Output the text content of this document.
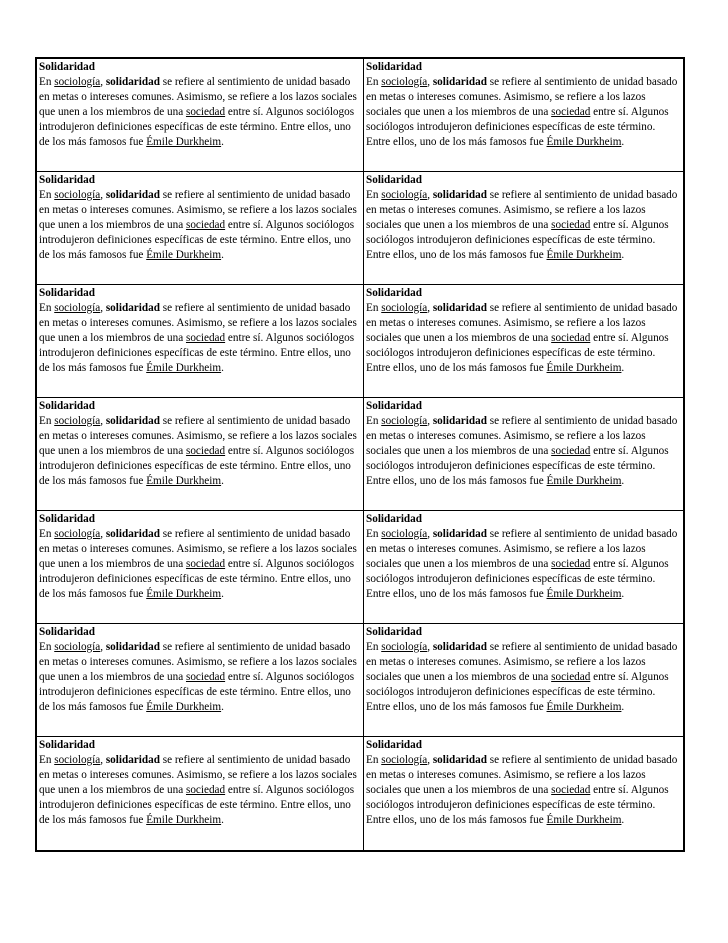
Solidaridad
En sociología, solidaridad se refiere al sentimiento de unidad basado en metas o intereses comunes. Asimismo, se refiere a los lazos sociales que unen a los miembros de una sociedad entre sí. Algunos sociólogos introdujeron definiciones específicas de este término. Entre ellos, uno de los más famosos fue Émile Durkheim.
Solidaridad
En sociología, solidaridad se refiere al sentimiento de unidad basado en metas o intereses comunes. Asimismo, se refiere a los lazos sociales que unen a los miembros de una sociedad entre sí. Algunos sociólogos introdujeron definiciones específicas de este término. Entre ellos, uno de los más famosos fue Émile Durkheim.
Solidaridad
En sociología, solidaridad se refiere al sentimiento de unidad basado en metas o intereses comunes. Asimismo, se refiere a los lazos sociales que unen a los miembros de una sociedad entre sí. Algunos sociólogos introdujeron definiciones específicas de este término. Entre ellos, uno de los más famosos fue Émile Durkheim.
Solidaridad
En sociología, solidaridad se refiere al sentimiento de unidad basado en metas o intereses comunes. Asimismo, se refiere a los lazos sociales que unen a los miembros de una sociedad entre sí. Algunos sociólogos introdujeron definiciones específicas de este término. Entre ellos, uno de los más famosos fue Émile Durkheim.
Solidaridad
En sociología, solidaridad se refiere al sentimiento de unidad basado en metas o intereses comunes. Asimismo, se refiere a los lazos sociales que unen a los miembros de una sociedad entre sí. Algunos sociólogos introdujeron definiciones específicas de este término. Entre ellos, uno de los más famosos fue Émile Durkheim.
Solidaridad
En sociología, solidaridad se refiere al sentimiento de unidad basado en metas o intereses comunes. Asimismo, se refiere a los lazos sociales que unen a los miembros de una sociedad entre sí. Algunos sociólogos introdujeron definiciones específicas de este término. Entre ellos, uno de los más famosos fue Émile Durkheim.
Solidaridad
En sociología, solidaridad se refiere al sentimiento de unidad basado en metas o intereses comunes. Asimismo, se refiere a los lazos sociales que unen a los miembros de una sociedad entre sí. Algunos sociólogos introdujeron definiciones específicas de este término. Entre ellos, uno de los más famosos fue Émile Durkheim.
Solidaridad
En sociología, solidaridad se refiere al sentimiento de unidad basado en metas o intereses comunes. Asimismo, se refiere a los lazos sociales que unen a los miembros de una sociedad entre sí. Algunos sociólogos introdujeron definiciones específicas de este término. Entre ellos, uno de los más famosos fue Émile Durkheim.
Solidaridad
En sociología, solidaridad se refiere al sentimiento de unidad basado en metas o intereses comunes. Asimismo, se refiere a los lazos sociales que unen a los miembros de una sociedad entre sí. Algunos sociólogos introdujeron definiciones específicas de este término. Entre ellos, uno de los más famosos fue Émile Durkheim.
Solidaridad
En sociología, solidaridad se refiere al sentimiento de unidad basado en metas o intereses comunes. Asimismo, se refiere a los lazos sociales que unen a los miembros de una sociedad entre sí. Algunos sociólogos introdujeron definiciones específicas de este término. Entre ellos, uno de los más famosos fue Émile Durkheim.
Solidaridad
En sociología, solidaridad se refiere al sentimiento de unidad basado en metas o intereses comunes. Asimismo, se refiere a los lazos sociales que unen a los miembros de una sociedad entre sí. Algunos sociólogos introdujeron definiciones específicas de este término. Entre ellos, uno de los más famosos fue Émile Durkheim.
Solidaridad
En sociología, solidaridad se refiere al sentimiento de unidad basado en metas o intereses comunes. Asimismo, se refiere a los lazos sociales que unen a los miembros de una sociedad entre sí. Algunos sociólogos introdujeron definiciones específicas de este término. Entre ellos, uno de los más famosos fue Émile Durkheim.
Solidaridad
En sociología, solidaridad se refiere al sentimiento de unidad basado en metas o intereses comunes. Asimismo, se refiere a los lazos sociales que unen a los miembros de una sociedad entre sí. Algunos sociólogos introdujeron definiciones específicas de este término. Entre ellos, uno de los más famosos fue Émile Durkheim.
Solidaridad
En sociología, solidaridad se refiere al sentimiento de unidad basado en metas o intereses comunes. Asimismo, se refiere a los lazos sociales que unen a los miembros de una sociedad entre sí. Algunos sociólogos introdujeron definiciones específicas de este término. Entre ellos, uno de los más famosos fue Émile Durkheim.
